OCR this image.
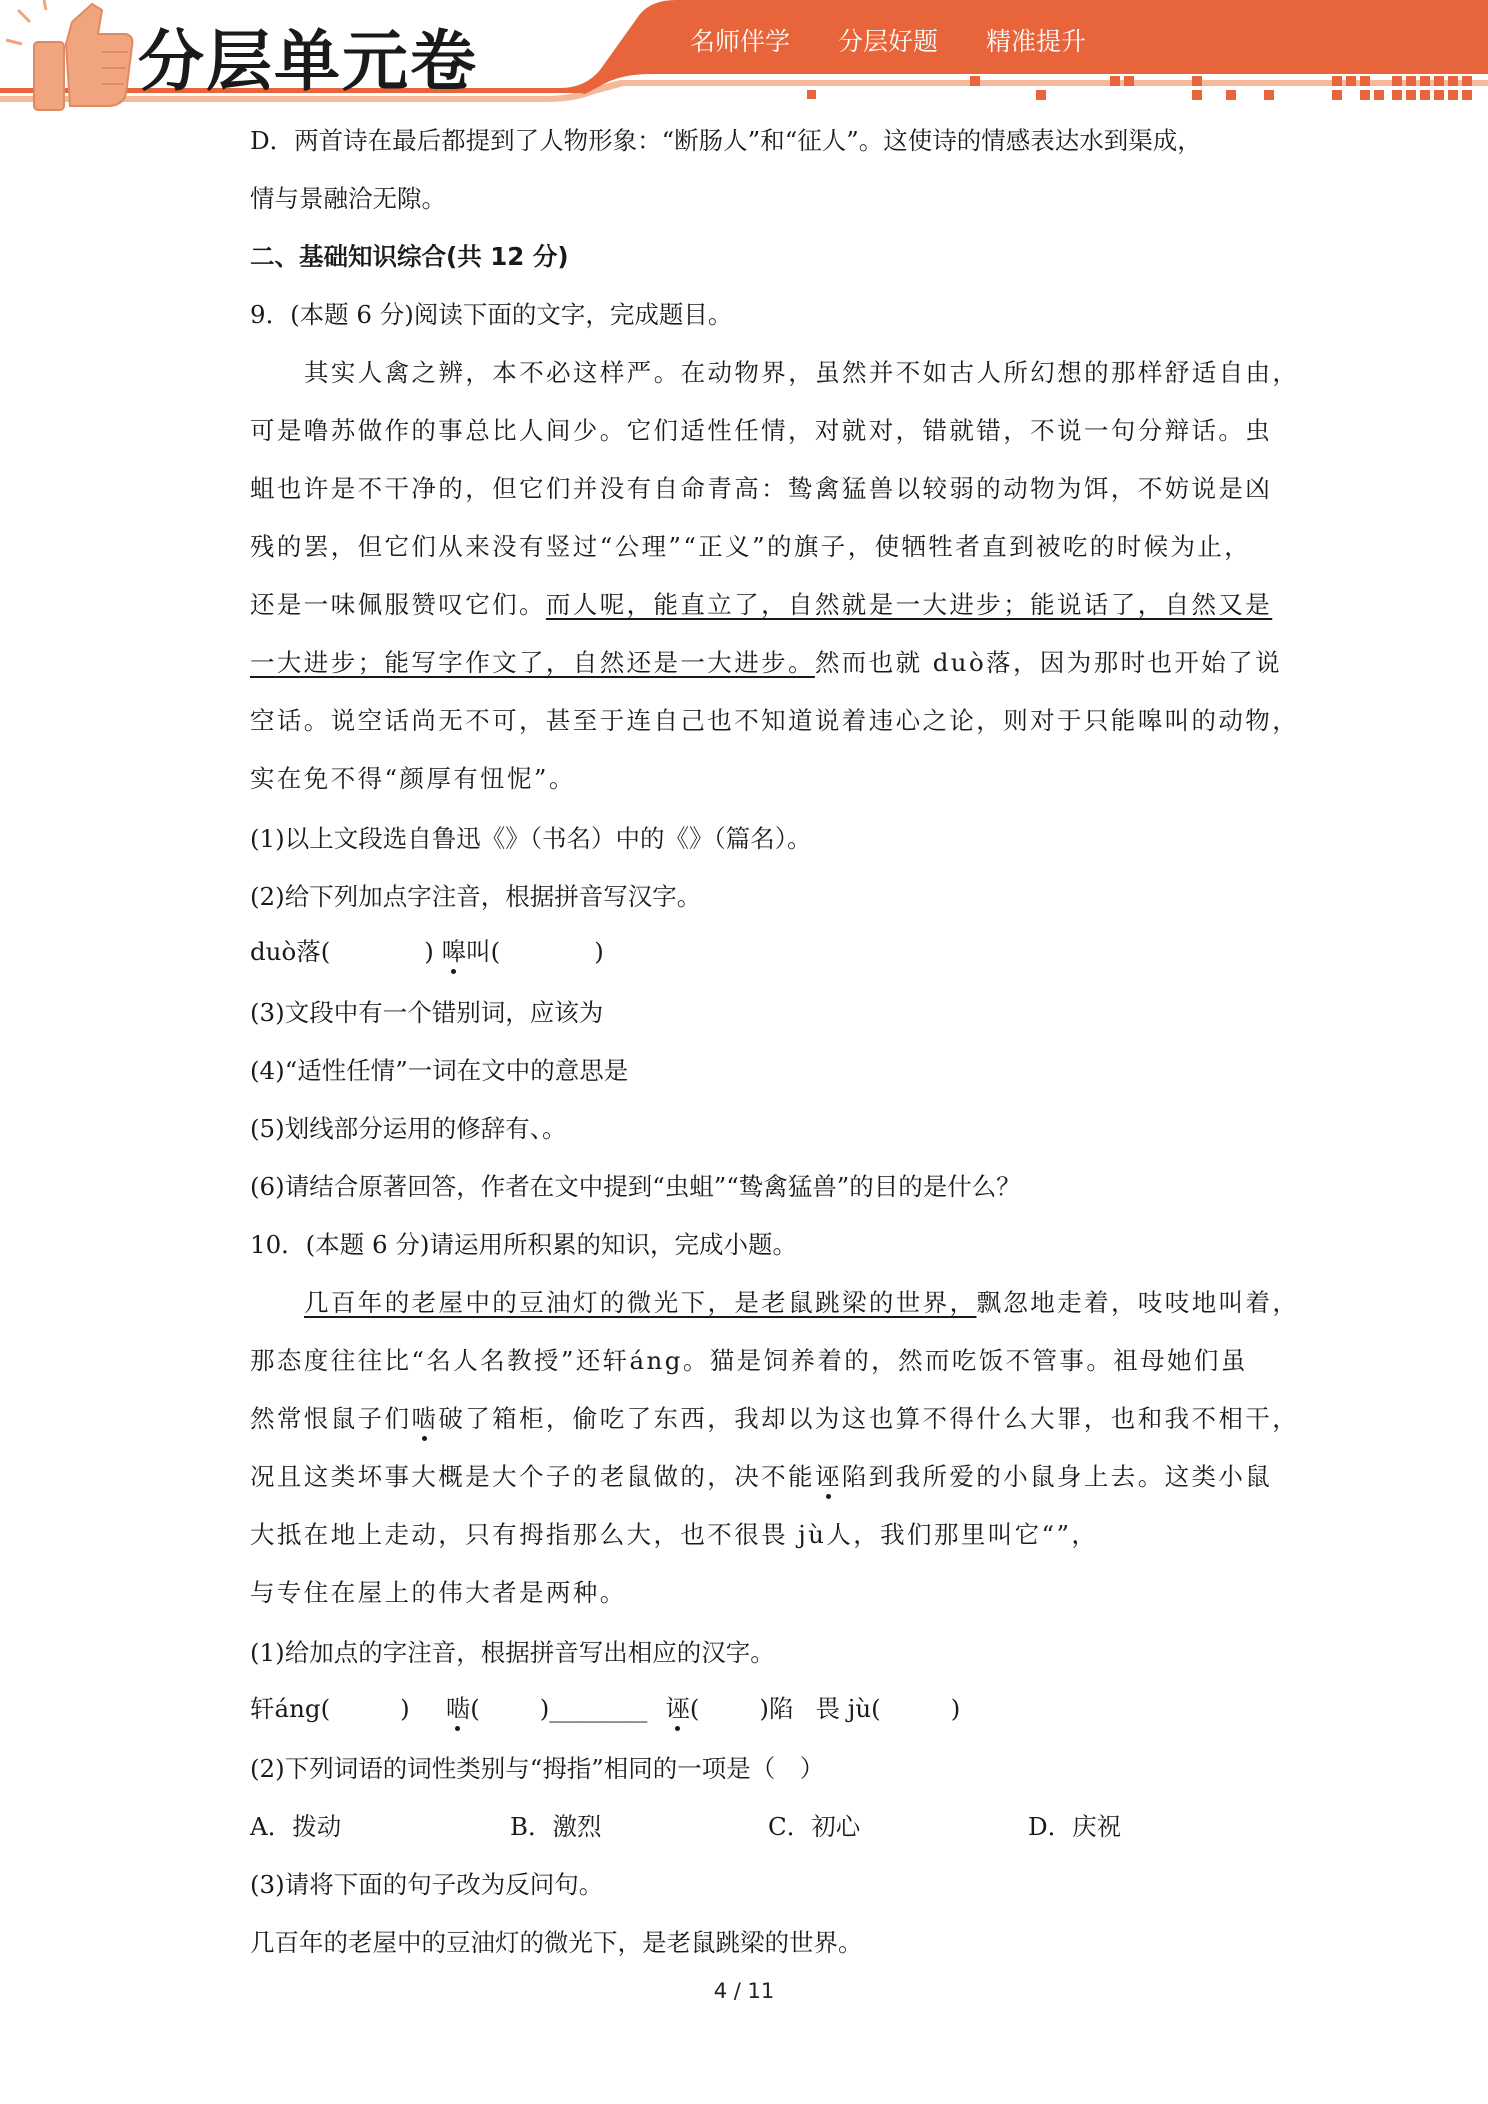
分层单元卷	名师伴学 分层好题 精准提升
D．两首诗在最后都提到了人物形象：“断肠人”和“征人”。这使诗的情感表达水到渠成，
情与景融洽无隙。
二、基础知识综合(共 12 分)
9．(本题 6 分)阅读下面的文字，完成题目。
其实人禽之辨，本不必这样严。在动物界，虽然并不如古人所幻想的那样舒适自由，
可是噜苏做作的事总比人间少。它们适性任情，对就对，错就错，不说一句分辩话。虫
蛆也许是不干净的，但它们并没有自命青高：鸷禽猛兽以较弱的动物为饵，不妨说是凶
残的罢，但它们从来没有竖过“公理”“正义”的旗子，使牺牲者直到被吃的时候为止，
还是一味佩服赞叹它们。而人呢，能直立了，自然就是一大进步；能说话了，自然又是
一大进步；能写字作文了，自然还是一大进步。然而也就 duò落，因为那时也开始了说
空话。说空话尚无不可，甚至于连自己也不知道说着违心之论，则对于只能嗥叫的动物，
实在免不得“颜厚有忸怩”。
(1)以上文段选自鲁迅《》（书名）中的《》（篇名）。
(2)给下列加点字注音，根据拼音写汉字。
duò落(	) 嗥叫(	)
(3)文段中有一个错别词，应该为
(4)“适性任情”一词在文中的意思是
(5)划线部分运用的修辞有、。
(6)请结合原著回答，作者在文中提到“虫蛆”“鸷禽猛兽”的目的是什么？
10．(本题 6 分)请运用所积累的知识，完成小题。
几百年的老屋中的豆油灯的微光下，是老鼠跳梁的世界，飘忽地走着，吱吱地叫着，
那态度往往比“名人名教授”还轩áng。猫是饲养着的，然而吃饭不管事。祖母她们虽
然常恨鼠子们啮破了箱柜，偷吃了东西，我却以为这也算不得什么大罪，也和我不相干，
况且这类坏事大概是大个子的老鼠做的，决不能诬陷到我所爱的小鼠身上去。这类小鼠
大抵在地上走动，只有拇指那么大，也不很畏 jù人，我们那里叫它“”，
与专住在屋上的伟大者是两种。
(1)给加点的字注音，根据拼音写出相应的汉字。
轩áng(	) 啮( )________ 诬( )陷 畏 jù(	)
(2)下列词语的词性类别与“拇指”相同的一项是（　）
A．拨动	B．激烈	C．初心	D．庆祝
(3)请将下面的句子改为反问句。
几百年的老屋中的豆油灯的微光下，是老鼠跳梁的世界。
4 / 11
